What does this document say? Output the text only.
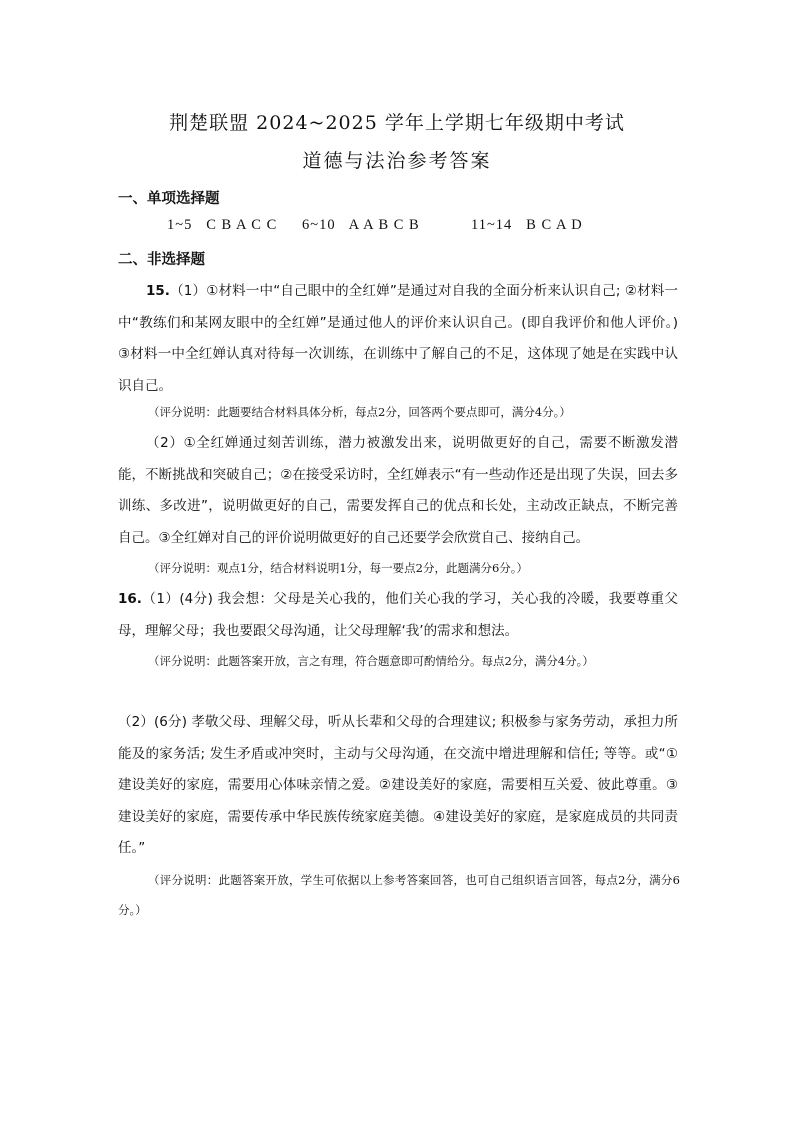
荆楚联盟 2024~2025 学年上学期七年级期中考试
道德与法治参考答案
一、单项选择题
1~5   C B A C C 6~10   A A B C B	11~14   B C A D
二、非选择题
15.（1）①材料一中“自己眼中的全红婵”是通过对自我的全面分析来认识自己; ②材料一中“教练们和某网友眼中的全红婵”是通过他人的评价来认识自己。(即自我评价和他人评价。) ③材料一中全红婵认真对待每一次训练，在训练中了解自己的不足，这体现了她是在实践中认识自己。
（评分说明：此题要结合材料具体分析，每点2分，回答两个要点即可，满分4分。）
（2）①全红婵通过刻苦训练，潜力被激发出来，说明做更好的自己，需要不断激发潜能，不断挑战和突破自己；②在接受采访时，全红婵表示“有一些动作还是出现了失误，回去多训练、多改进”，说明做更好的自己，需要发挥自己的优点和长处，主动改正缺点，不断完善自己。③全红婵对自己的评价说明做更好的自己还要学会欣赏自己、接纳自己。
（评分说明：观点1分，结合材料说明1分，每一要点2分，此题满分6分。）
16.（1）(4分) 我会想：父母是关心我的，他们关心我的学习，关心我的冷暖，我要尊重父母，理解父母；我也要跟父母沟通，让父母理解‘我’的需求和想法。
（评分说明：此题答案开放，言之有理，符合题意即可酌情给分。每点2分，满分4分。）
（2）(6分) 孝敬父母、理解父母，听从长辈和父母的合理建议; 积极参与家务劳动，承担力所能及的家务活; 发生矛盾或冲突时，主动与父母沟通，在交流中增进理解和信任; 等等。或“①建设美好的家庭，需要用心体味亲情之爱。②建设美好的家庭，需要相互关爱、彼此尊重。③建设美好的家庭，需要传承中华民族传统家庭美德。④建设美好的家庭，是家庭成员的共同责任。”
（评分说明：此题答案开放，学生可依据以上参考答案回答，也可自己组织语言回答，每点2分，满分6分。）
